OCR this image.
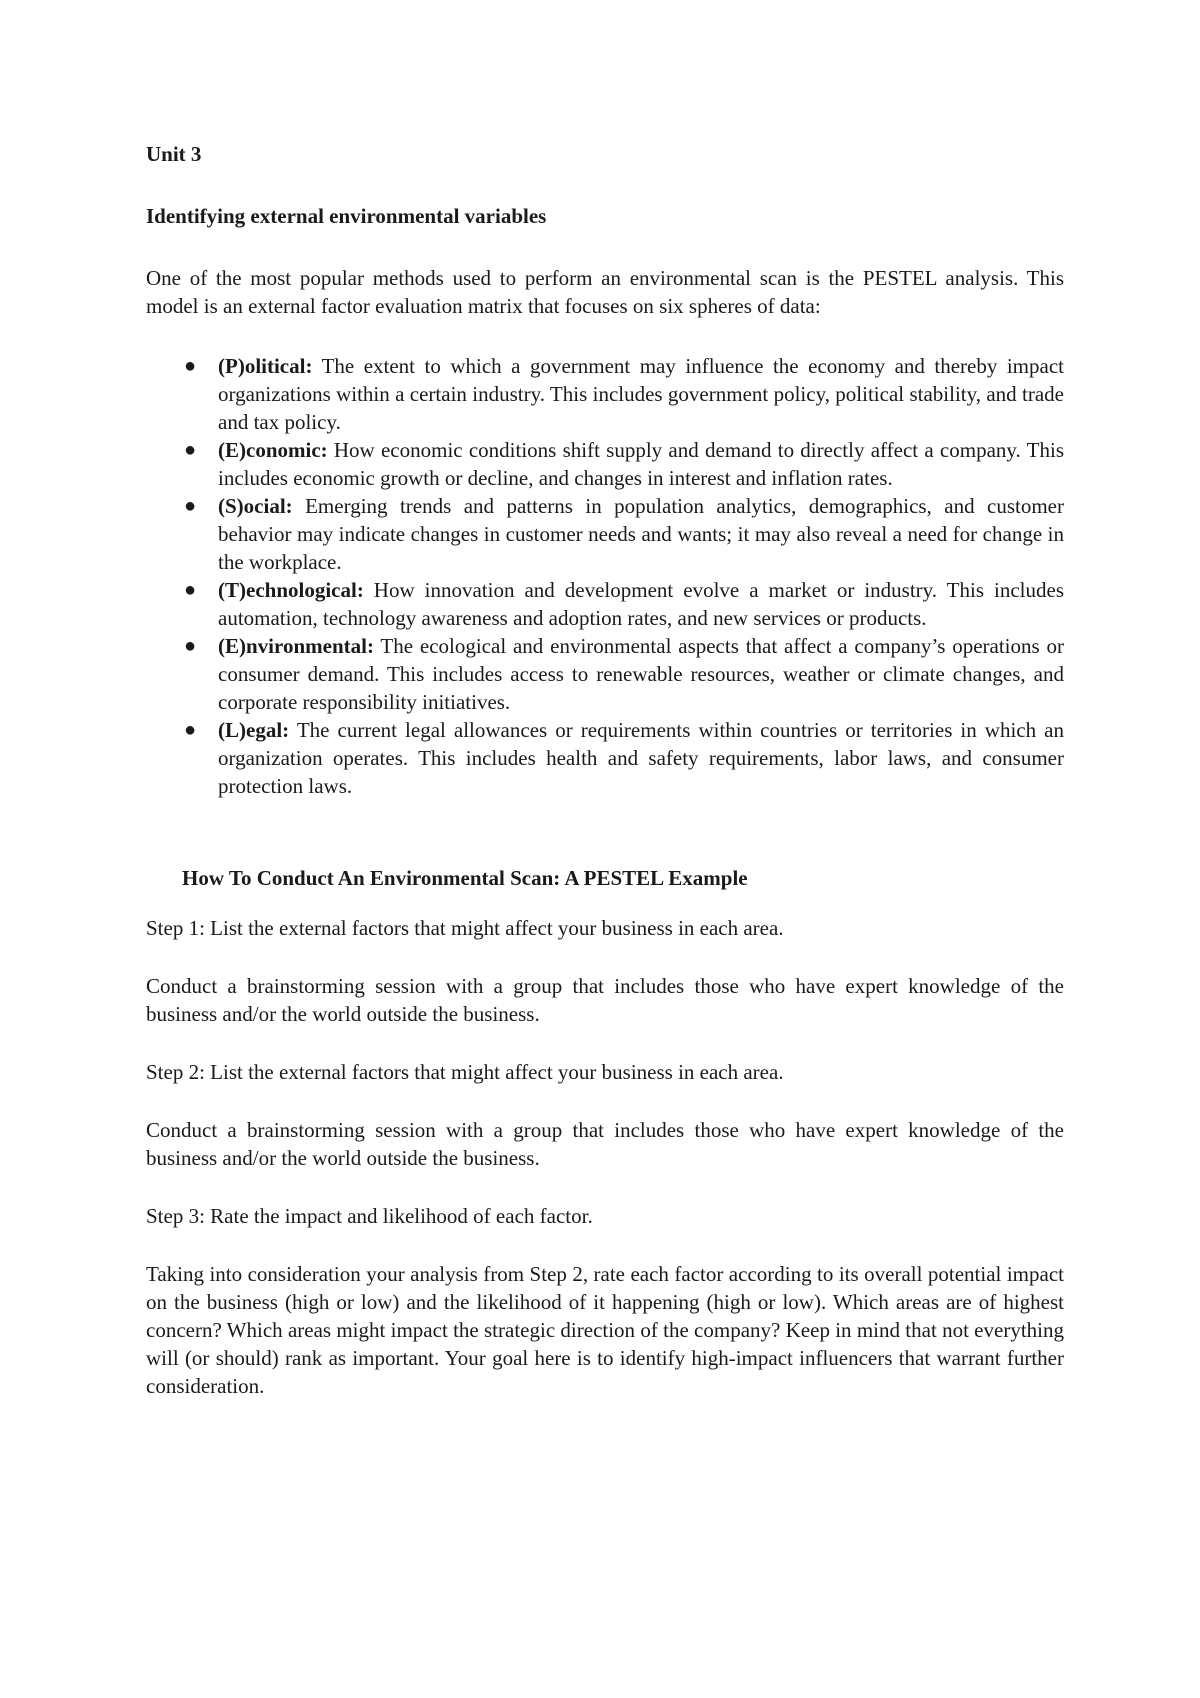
Unit 3
Identifying external environmental variables

One of the most popular methods used to perform an environmental scan is the PESTEL analysis. This model is an external factor evaluation matrix that focuses on six spheres of data:

● (P)olitical: The extent to which a government may influence the economy and thereby impact organizations within a certain industry. This includes government policy, political stability, and trade and tax policy.
● (E)conomic: How economic conditions shift supply and demand to directly affect a company. This includes economic growth or decline, and changes in interest and inflation rates.
● (S)ocial: Emerging trends and patterns in population analytics, demographics, and customer behavior may indicate changes in customer needs and wants; it may also reveal a need for change in the workplace.
● (T)echnological: How innovation and development evolve a market or industry. This includes automation, technology awareness and adoption rates, and new services or products.
● (E)nvironmental: The ecological and environmental aspects that affect a company’s operations or consumer demand. This includes access to renewable resources, weather or climate changes, and corporate responsibility initiatives.
● (L)egal: The current legal allowances or requirements within countries or territories in which an organization operates. This includes health and safety requirements, labor laws, and consumer protection laws.
How To Conduct An Environmental Scan: A PESTEL Example

Step 1: List the external factors that might affect your business in each area.

Conduct a brainstorming session with a group that includes those who have expert knowledge of the business and/or the world outside the business.

Step 2: List the external factors that might affect your business in each area.

Conduct a brainstorming session with a group that includes those who have expert knowledge of the business and/or the world outside the business.

Step 3: Rate the impact and likelihood of each factor.

Taking into consideration your analysis from Step 2, rate each factor according to its overall potential impact on the business (high or low) and the likelihood of it happening (high or low). Which areas are of highest concern? Which areas might impact the strategic direction of the company? Keep in mind that not everything will (or should) rank as important. Your goal here is to identify high-impact influencers that warrant further consideration.
